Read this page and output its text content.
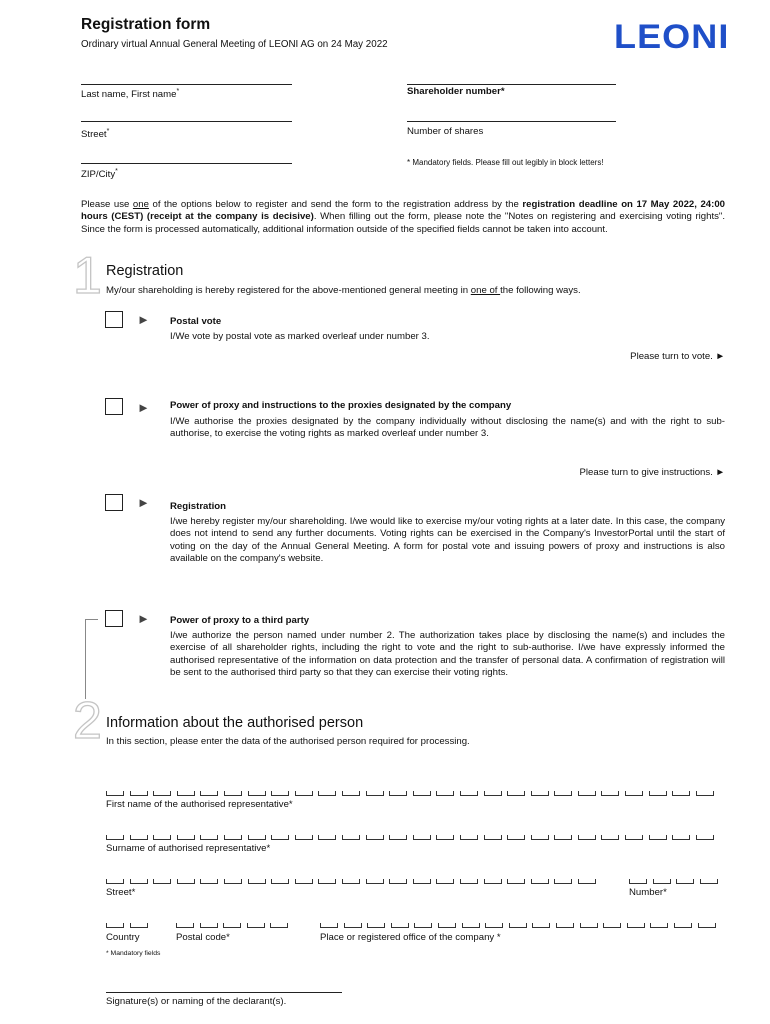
Registration form
Ordinary virtual Annual General Meeting of LEONI AG on 24 May 2022	LEONI
Last name, First name*
Street*
ZIP/City*
Shareholder number*
Number of shares
* Mandatory fields. Please fill out legibly in block letters!
Please use one of the options below to register and send the form to the registration address by the registration deadline on 17 May 2022, 24:00 hours (CEST) (receipt at the company is decisive). When filling out the form, please note the "Notes on registering and exercising voting rights". Since the form is processed automatically, additional information outside of the specified fields cannot be taken into account.
1 Registration
My/our shareholding is hereby registered for the above-mentioned general meeting in one of the following ways.
► Postal vote
I/We vote by postal vote as marked overleaf under number 3.
Please turn to vote. ►
► Power of proxy and instructions to the proxies designated by the company
I/We authorise the proxies designated by the company individually without disclosing the name(s) and with the right to sub-authorise, to exercise the voting rights as marked overleaf under number 3.
Please turn to give instructions. ►
► Registration
I/we hereby register my/our shareholding. I/we would like to exercise my/our voting rights at a later date. In this case, the company does not intend to send any further documents. Voting rights can be exercised in the Company's InvestorPortal until the start of voting on the day of the Annual General Meeting. A form for postal vote and issuing powers of proxy and instructions is also available on the company's website.
► Power of proxy to a third party
I/we authorize the person named under number 2. The authorization takes place by disclosing the name(s) and includes the exercise of all shareholder rights, including the right to vote and the right to sub-authorise. I/we have expressly informed the authorised representative of the information on data protection and the transfer of personal data. A confirmation of registration will be sent to the authorised third party so that they can exercise their voting rights.
2 Information about the authorised person
In this section, please enter the data of the authorised person required for processing.
First name of the authorised representative*
Surname of authorised representative*
Street*	Number*
Country	Postal code*	Place or registered office of the company *
* Mandatory fields
Signature(s) or naming of the declarant(s).
